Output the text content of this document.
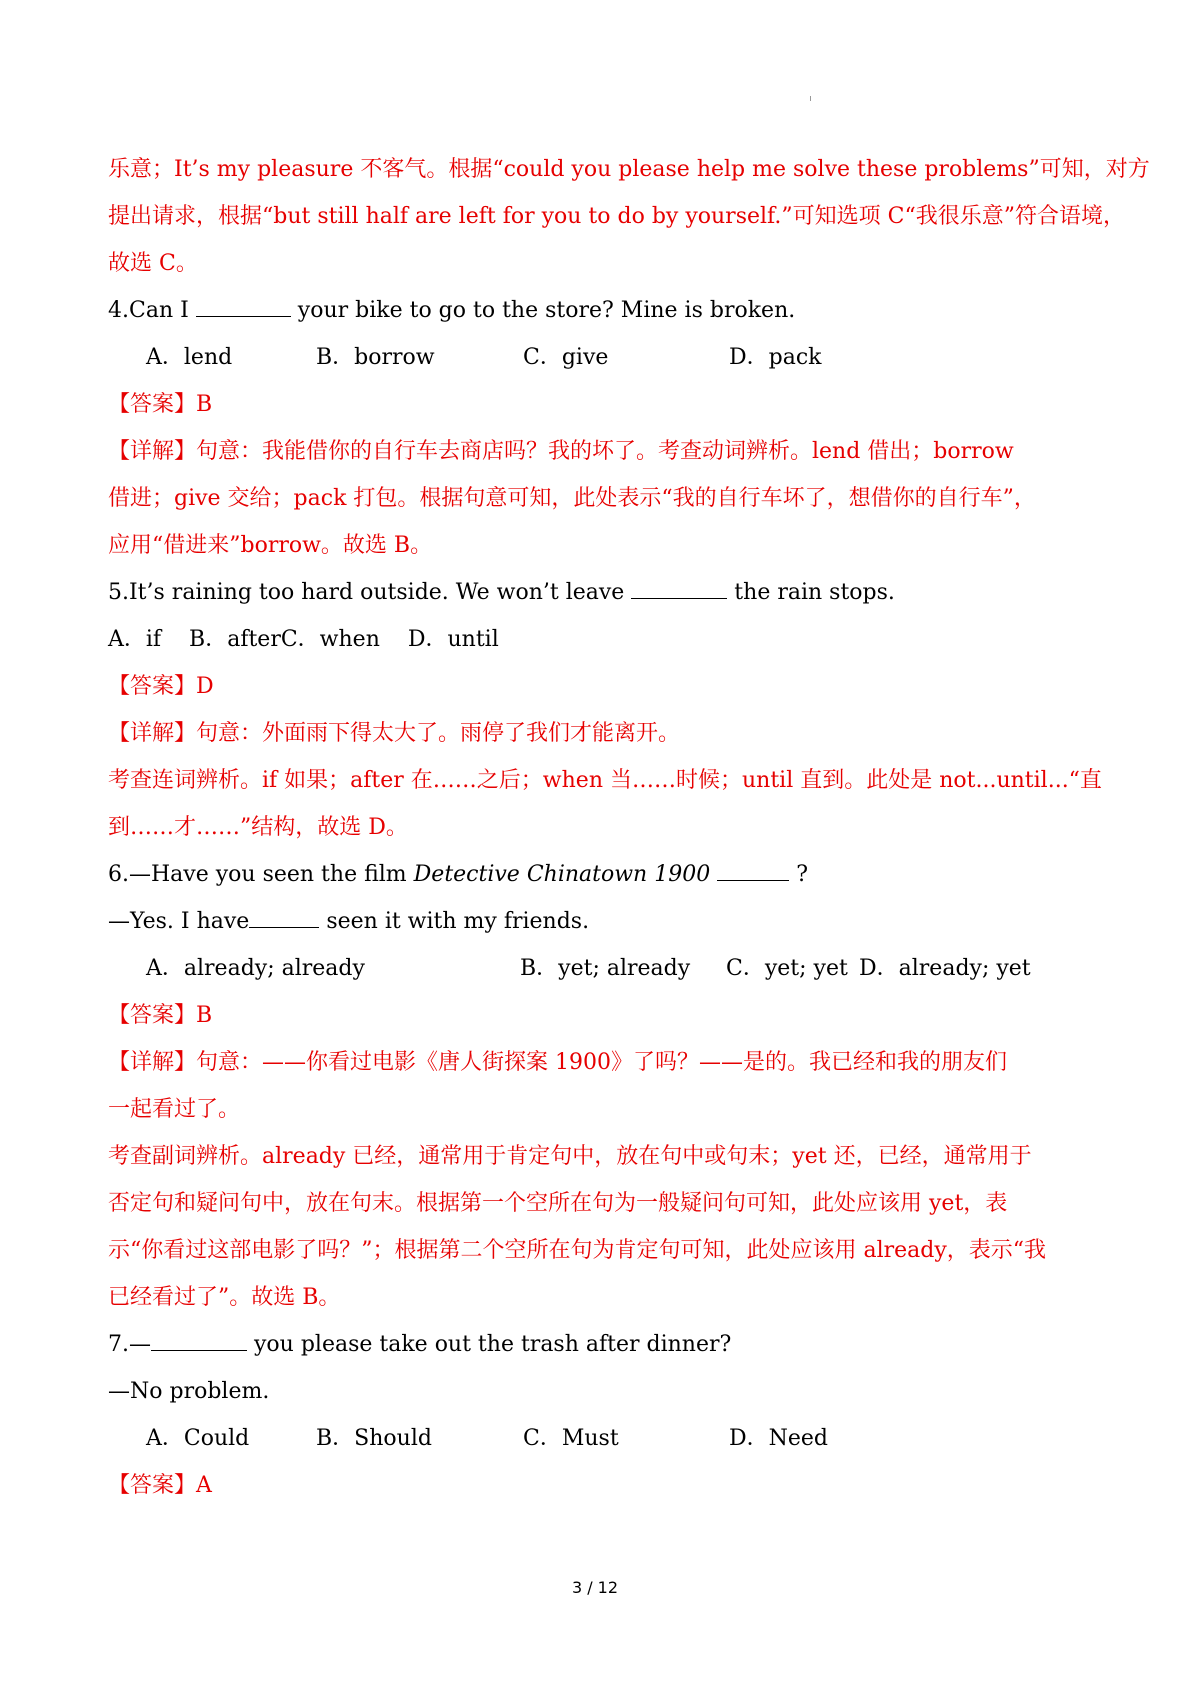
乐意；It’s my pleasure 不客气。根据“could you please help me solve these problems”可知，对方
提出请求，根据“but still half are left for you to do by yourself.”可知选项 C“我很乐意”符合语境，
故选 C。
4.Can I	your bike to go to the store? Mine is broken.
A．lend	B．borrow	C．give	D．pack
【答案】B
【详解】句意：我能借你的自行车去商店吗？我的坏了。考查动词辨析。lend 借出；borrow
借进；give 交给；pack 打包。根据句意可知，此处表示“我的自行车坏了，想借你的自行车”，
应用“借进来”borrow。故选 B。
5.It’s raining too hard outside. We won’t leave	the rain stops.
A．if    B．afterC．when    D．until
【答案】D
【详解】句意：外面雨下得太大了。雨停了我们才能离开。
考查连词辨析。if 如果；after 在……之后；when 当……时候；until 直到。此处是 not...until...“直
到……才……”结构，故选 D。
6.—Have you seen the film Detective Chinatown 1900	?
—Yes. I have	seen it with my friends.
A．already; already	B．yet; already C．yet; yet D．already; yet
【答案】B
【详解】句意：——你看过电影《唐人街探案 1900》了吗？——是的。我已经和我的朋友们
一起看过了。
考查副词辨析。already 已经，通常用于肯定句中，放在句中或句末；yet 还，已经，通常用于
否定句和疑问句中，放在句末。根据第一个空所在句为一般疑问句可知，此处应该用 yet，表
示“你看过这部电影了吗？”；根据第二个空所在句为肯定句可知，此处应该用 already，表示“我
已经看过了”。故选 B。
7.—	you please take out the trash after dinner?
—No problem.
A．Could	B．Should	C．Must	D．Need
【答案】A
3 / 12
